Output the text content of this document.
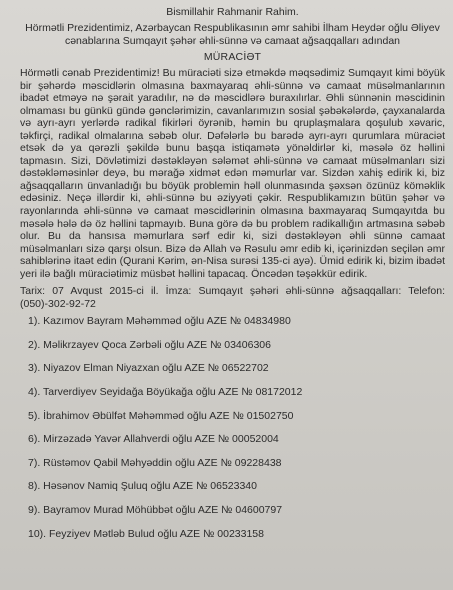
Bismillahir Rahmanir Rahim.
Hörmətli Prezidentimiz, Azərbaycan Respublikasının əmr sahibi İlham Heydər oğlu Əliyev cənablarına Sumqayıt şəhər əhli-sünnə və camaat ağsaqqalları adından
MÜRACİƏT
Hörmətli cənab Prezidentimiz! Bu müraciəti sizə etməkdə məqsədimiz Sumqayıt kimi böyük bir şəhərdə məscidlərin olmasına baxmayaraq əhli-sünnə və camaat müsəlmanlarının ibadət etməyə nə şərait yaradılır, nə də məscidlərə buraxılırlar. Əhli sünnənin məscidinin olmaması bu günkü gündə gənclərimizin, cavanlarımızın sosial şəbəkələrdə, çayxanalarda və ayrı-ayrı yerlərdə radikal fikirləri öyrənib, həmin bu qruplaşmalara qoşulub xəvaric, təkfirçi, radikal olmalarına səbəb olur. Dəfələrlə bu barədə ayrı-ayrı qurumlara müraciət etsək də ya qərəzli şəkildə bunu başqa istiqamətə yönəldirlər ki, məsələ öz həllini tapmasın. Sizi, Dövlətimizi dəstəkləyən sələmət əhli-sünnə və camaat müsəlmanları sizi dəstəkləməsinlər deyə, bu mərağə xidmət edən məmurlar var. Sizdən xahiş edirik ki, biz ağsaqqalların ünvanladığı bu böyük problemin həll olunmasında şəxsən özünüz köməklik edəsiniz. Neçə illərdir ki, əhli-sünnə bu əziyyəti çəkir. Respublikamızın bütün şəhər və rayonlarında əhli-sünnə və camaat məscidlərinin olmasına baxmayaraq Sumqayıtda bu məsələ hələ də öz həllini tapmayıb. Buna görə də bu problem radikallığın artmasına səbəb olur. Bu da hansısa məmurlara sərf edir ki, sizi dəstəkləyən əhli sünnə camaat müsəlmanları sizə qarşı olsun. Bizə də Allah və Rəsulu əmr edib ki, içərinizdən seçilən əmr sahiblərinə itaət edin (Qurani Kərim, ən-Nisa surəsi 135-ci ayə). Ümid edirik ki, bizim ibadət yeri ilə bağlı müraciətimiz müsbət həllini tapacaq. Öncədən təşəkkür edirik.
Tarix: 07 Avqust 2015-ci il. İmza: Sumqayıt şəhəri əhli-sünnə ağsaqqalları: Telefon: (050)-302-92-72
1). Kazımov Bayram Məhəmməd oğlu AZE № 04834980
2). Məlikrzayev Qoca Zərbəli oğlu AZE № 03406306
3). Niyazov Elman Niyazxan oğlu AZE № 06522702
4). Tarverdiyev Seyidağa Böyükağa oğlu AZE № 08172012
5). İbrahimov Əbülfət Məhəmməd oğlu AZE № 01502750
6). Mirzəzadə Yavər Allahverdi oğlu AZE № 00052004
7). Rüstəmov Qabil Məhyəddin oğlu AZE № 09228438
8). Həsənov Namiq Şuluq oğlu AZE № 06523340
9). Bayramov Murad Möhübbət oğlu AZE № 04600797
10). Feyziyev Mətləb Bulud oğlu AZE № 00233158
